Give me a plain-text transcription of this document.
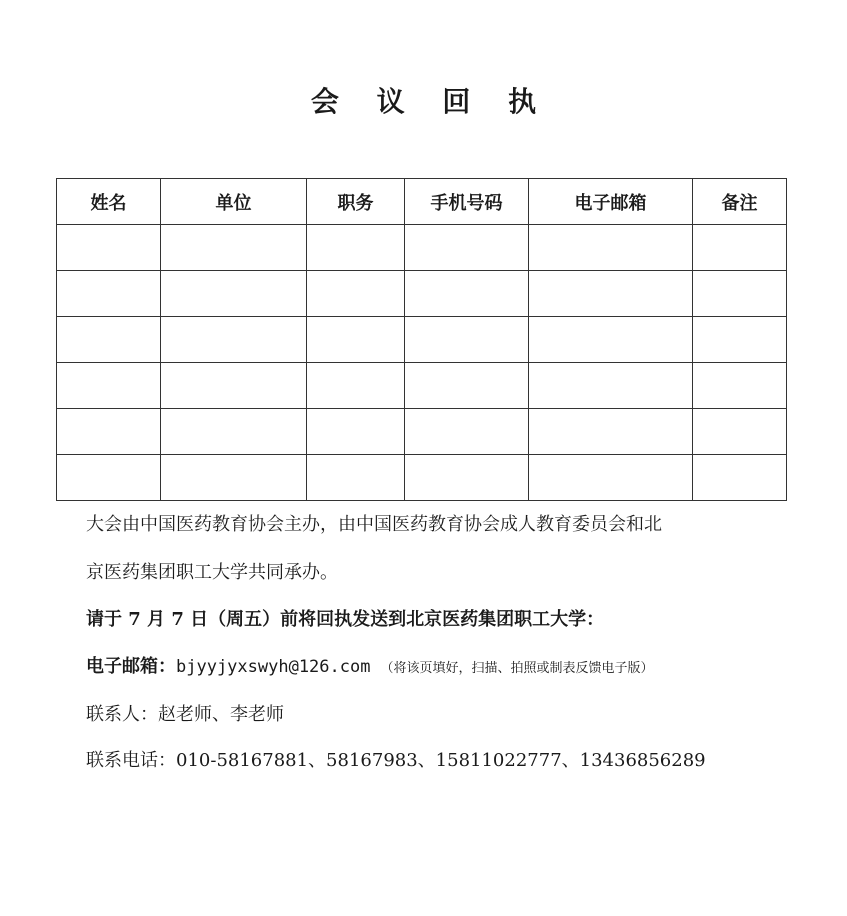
会 议 回 执
姓名	单位	职务	手机号码	电子邮箱	备注

大会由中国医药教育协会主办，由中国医药教育协会成人教育委员会和北
京医药集团职工大学共同承办。
请于 7 月 7 日（周五）前将回执发送到北京医药集团职工大学：
电子邮箱：bjyyjyxswyh@126.com （将该页填好，扫描、拍照或制表反馈电子版）
联系人：赵老师、李老师
联系电话：010-58167881、58167983、15811022777、13436856289
